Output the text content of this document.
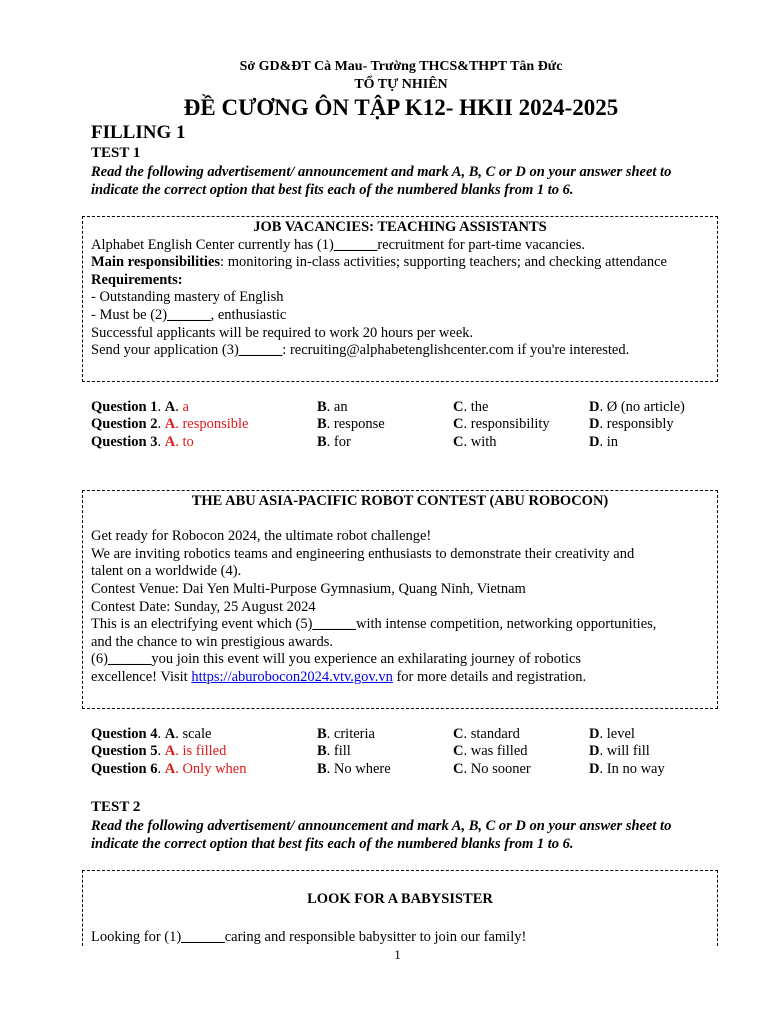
Sở GD&ĐT Cà Mau- Trường THCS&THPT Tân Đức
TỔ TỰ NHIÊN
ĐỀ CƯƠNG ÔN TẬP K12- HKII 2024-2025
FILLING 1
TEST 1
Read the following advertisement/ announcement and mark A, B, C or D on your answer sheet to indicate the correct option that best fits each of the numbered blanks from 1 to 6.
JOB VACANCIES: TEACHING ASSISTANTS

Alphabet English Center currently has (1)______recruitment for part-time vacancies.

Main responsibilities: monitoring in-class activities; supporting teachers; and checking attendance

Requirements:

- Outstanding mastery of English

- Must be (2)______, enthusiastic

Successful applicants will be required to work 20 hours per week.

Send your application (3)______: recruiting@alphabetenglishcenter.com if you're interested.

Question 1. A. a	B. an	C. the	D. Ø (no article)
Question 2. A. responsible	B. response	C. responsibility	D. responsibly
Question 3. A. to	B. for	C. with	D. in
THE ABU ASIA-PACIFIC ROBOT CONTEST (ABU ROBOCON)

Get ready for Robocon 2024, the ultimate robot challenge!

We are inviting robotics teams and engineering enthusiasts to demonstrate their creativity and

talent on a worldwide (4).

Contest Venue: Dai Yen Multi-Purpose Gymnasium, Quang Ninh, Vietnam

Contest Date: Sunday, 25 August 2024

This is an electrifying event which (5)______with intense competition, networking opportunities,

and the chance to win prestigious awards.

(6)______you join this event will you experience an exhilarating journey of robotics

excellence! Visit https://aburobocon2024.vtv.gov.vn for more details and registration.

Question 4. A. scale	B. criteria	C. standard	D. level
Question 5. A. is filled	B. fill	C. was filled	D. will fill
Question 6. A. Only when	B. No where	C. No sooner	D. In no way
TEST 2
Read the following advertisement/ announcement and mark A, B, C or D on your answer sheet to indicate the correct option that best fits each of the numbered blanks from 1 to 6.
LOOK FOR A BABYSISTER

Looking for (1)______caring and responsible babysitter to join our family!

1
